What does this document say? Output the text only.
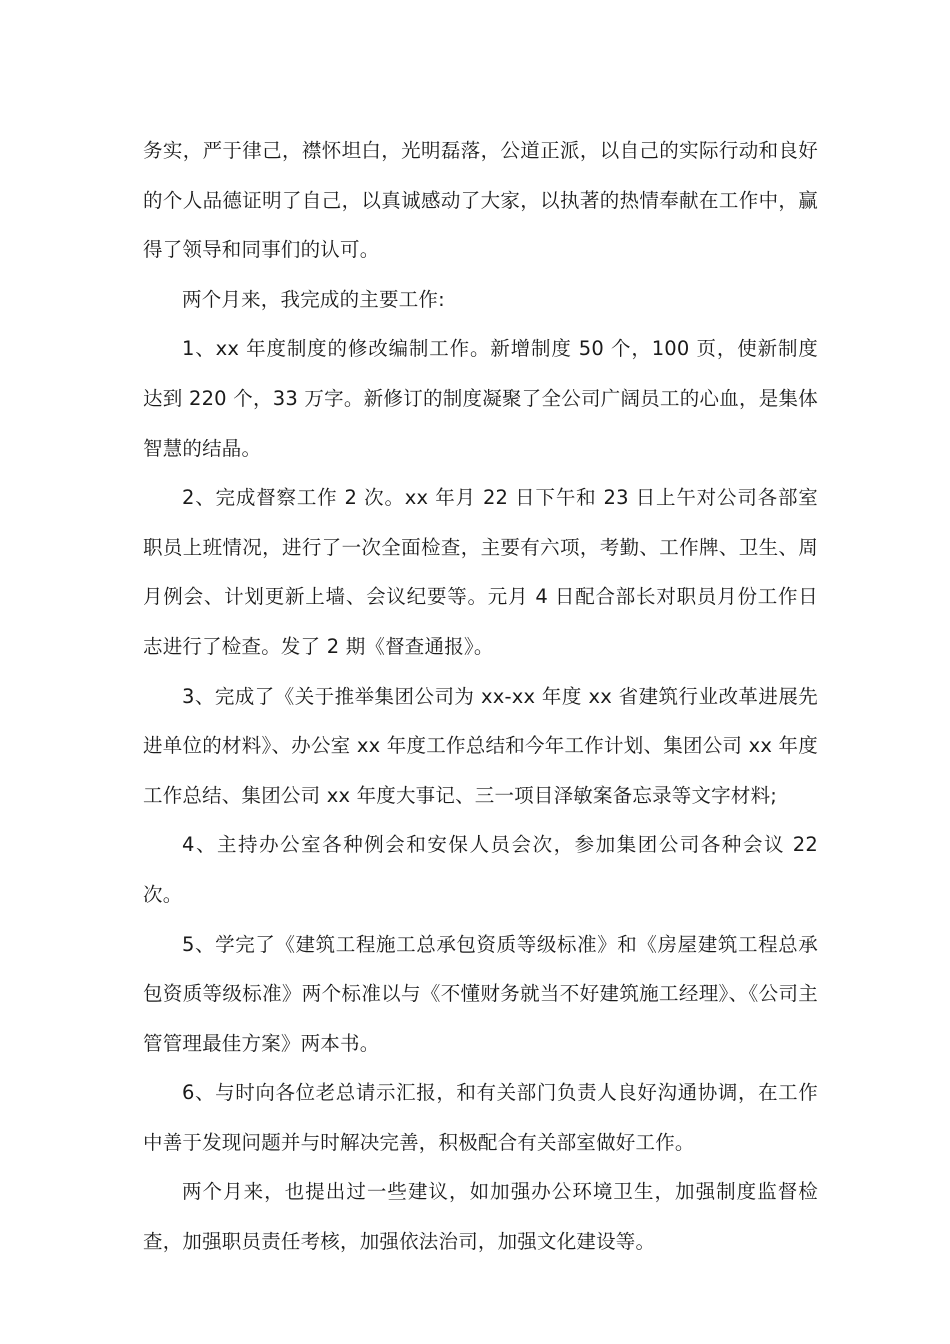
务实，严于律己，襟怀坦白，光明磊落，公道正派，以自己的实际行动和良好的个人品德证明了自己，以真诚感动了大家，以执著的热情奉献在工作中，赢得了领导和同事们的认可。

两个月来，我完成的主要工作:

1、xx 年度制度的修改编制工作。新增制度 50 个，100 页，使新制度达到 220 个，33 万字。新修订的制度凝聚了全公司广阔员工的心血，是集体智慧的结晶。

2、完成督察工作 2 次。xx 年月 22 日下午和 23 日上午对公司各部室职员上班情况，进行了一次全面检查，主要有六项，考勤、工作牌、卫生、周月例会、计划更新上墙、会议纪要等。元月 4 日配合部长对职员月份工作日志进行了检查。发了 2 期《督查通报》。

3、完成了《关于推举集团公司为 xx-xx 年度 xx 省建筑行业改革进展先进单位的材料》、办公室 xx 年度工作总结和今年工作计划、集团公司 xx 年度工作总结、集团公司 xx 年度大事记、三一项目泽敏案备忘录等文字材料;

4、主持办公室各种例会和安保人员会次，参加集团公司各种会议 22 次。

5、学完了《建筑工程施工总承包资质等级标准》和《房屋建筑工程总承包资质等级标准》两个标准以与《不懂财务就当不好建筑施工经理》、《公司主管管理最佳方案》两本书。

6、与时向各位老总请示汇报，和有关部门负责人良好沟通协调，在工作中善于发现问题并与时解决完善，积极配合有关部室做好工作。

两个月来，也提出过一些建议，如加强办公环境卫生，加强制度监督检查，加强职员责任考核，加强依法治司，加强文化建设等。
